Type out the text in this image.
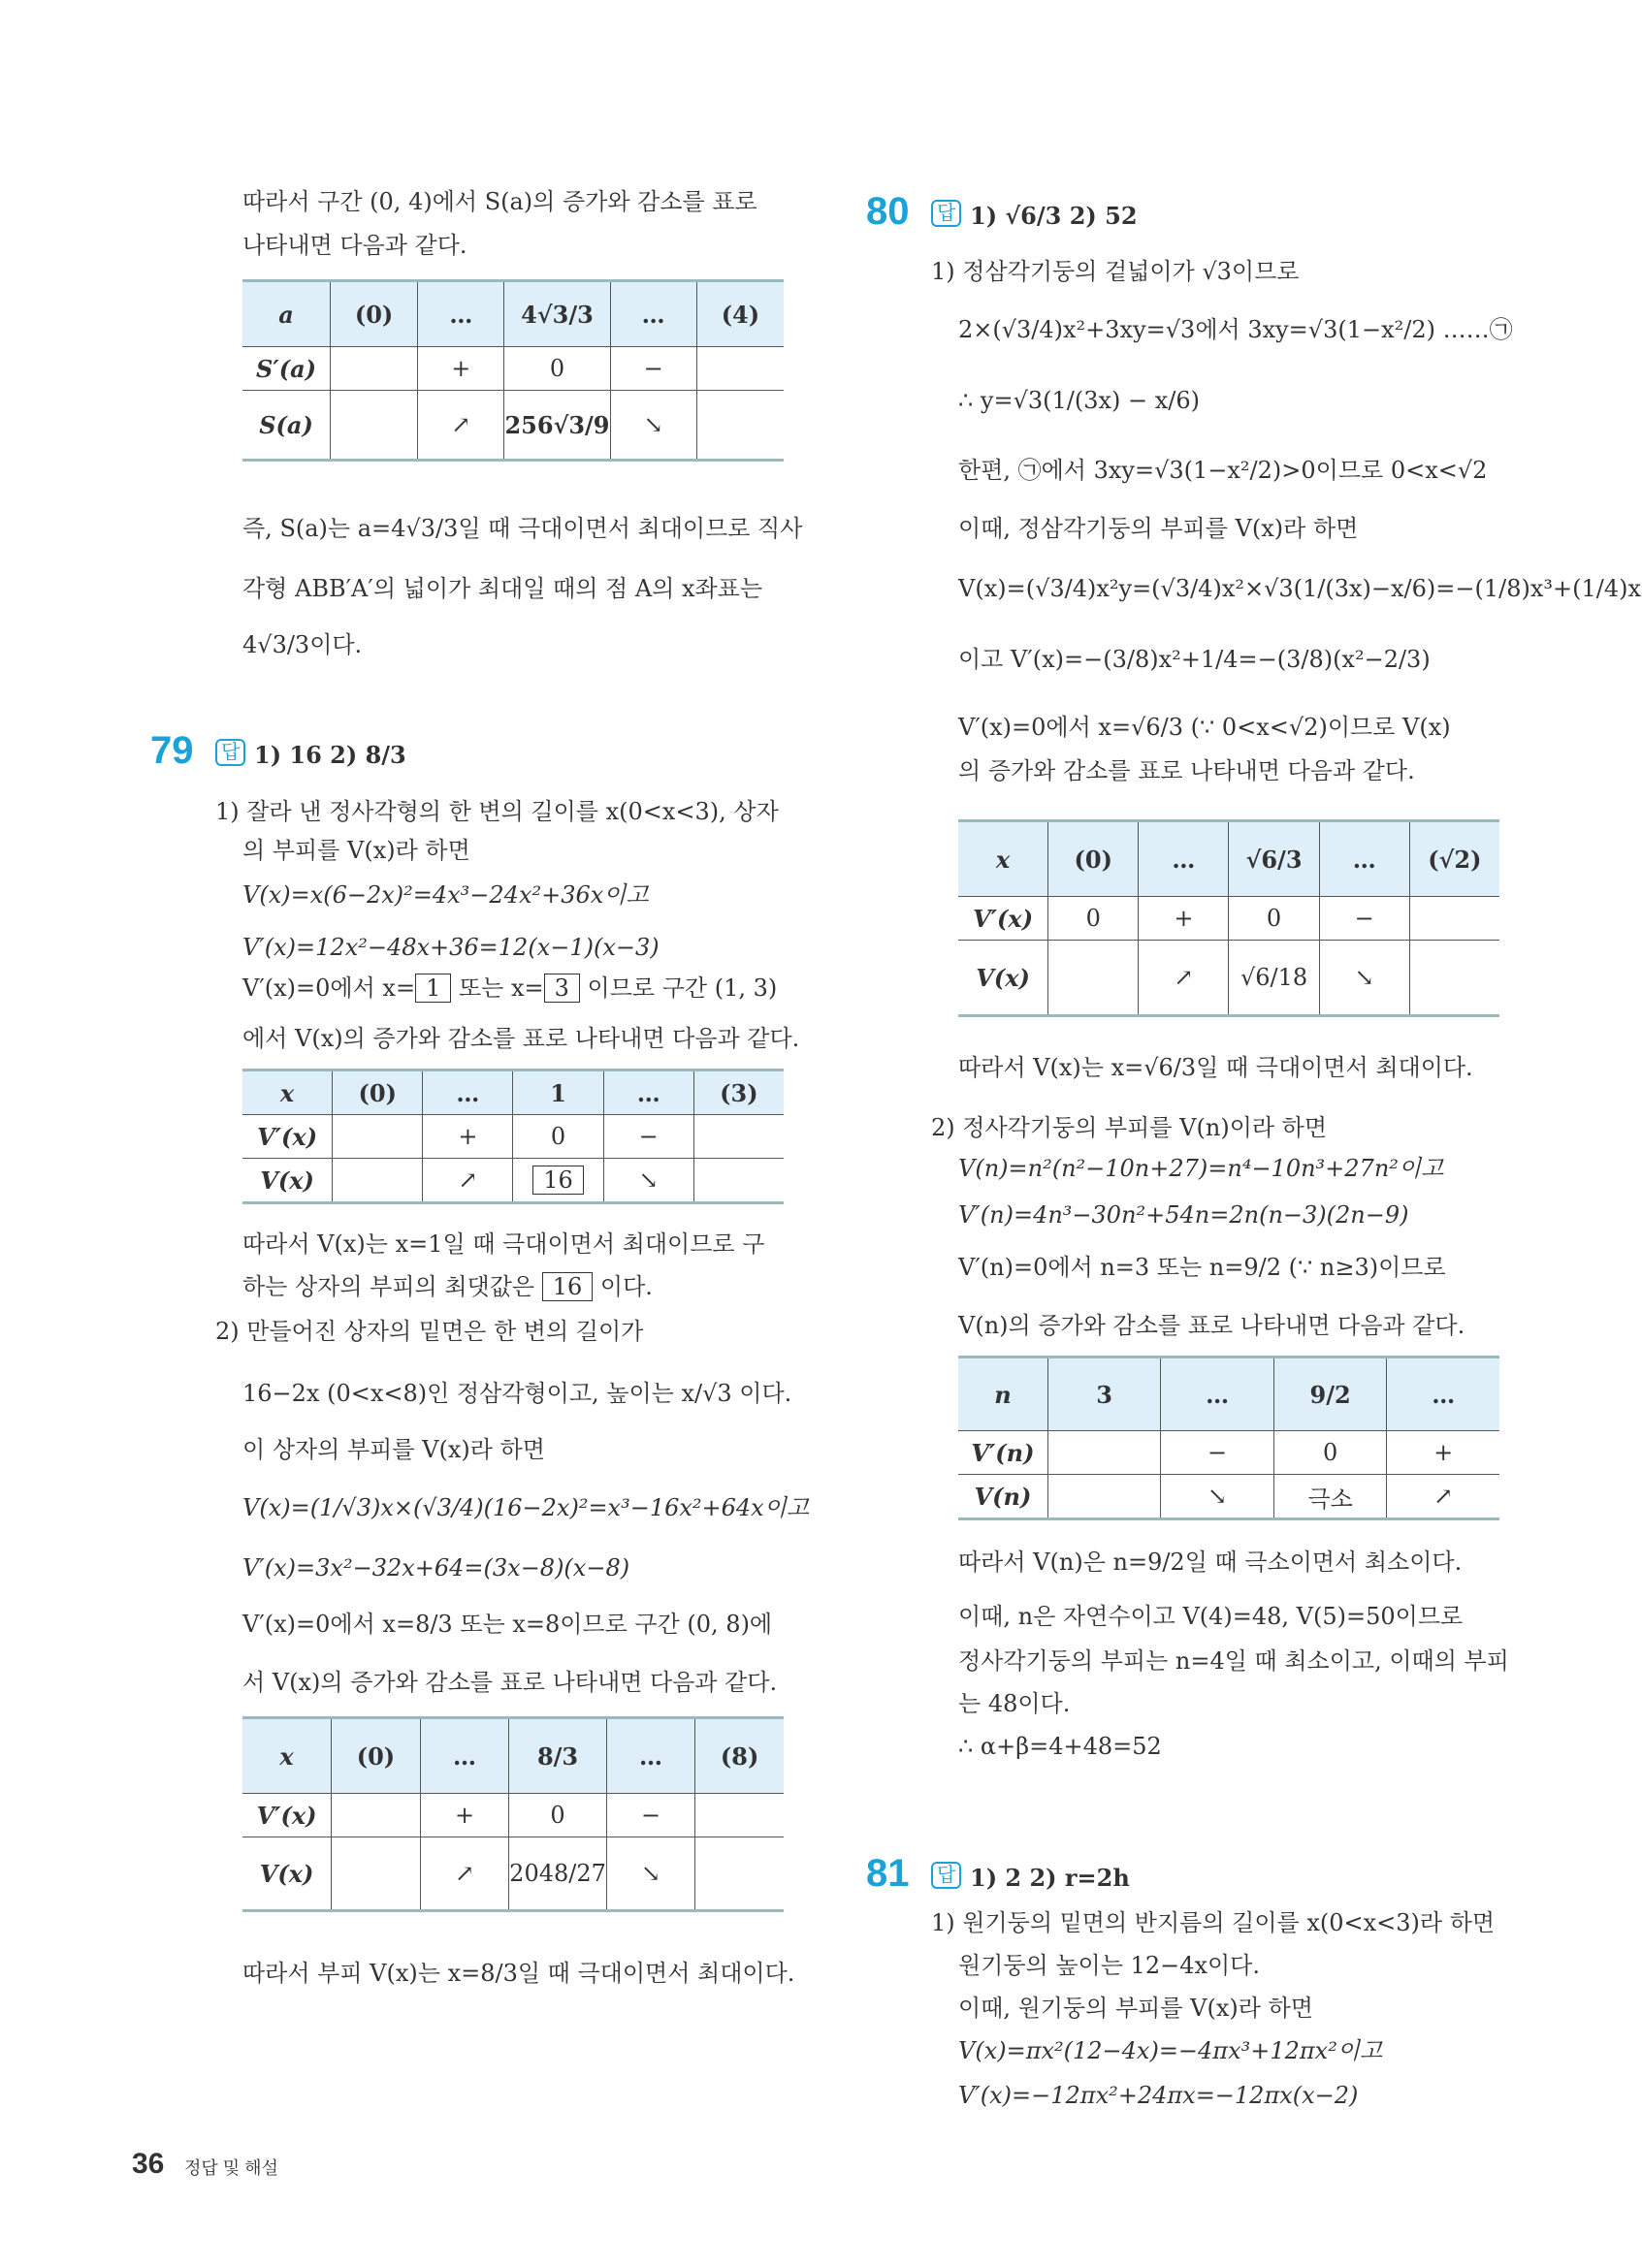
따라서 구간 (0, 4)에서 S(a)의 증가와 감소를 표로
나타내면 다음과 같다.
a	(0)	…	4√3/3	…	(4)
S′(a)		+	0	−	
S(a)		↗	256√3/9	↘	
즉, S(a)는 a=4√3/3일 때 극대이면서 최대이므로 직사
각형 ABB′A′의 넓이가 최대일 때의 점 A의 x좌표는
4√3/3이다.
79	답 1) 16 2) 8/3
1) 잘라 낸 정사각형의 한 변의 길이를 x(0<x<3), 상자
의 부피를 V(x)라 하면
V(x)=x(6−2x)²=4x³−24x²+36x이고
V′(x)=12x²−48x+36=12(x−1)(x−3)
V′(x)=0에서 x= 1 또는 x= 3 이므로 구간 (1, 3)
에서 V(x)의 증가와 감소를 표로 나타내면 다음과 같다.
x	(0)	…	1	…	(3)
V′(x)		+	0	−	
V(x)		↗	16	↘	
따라서 V(x)는 x=1일 때 극대이면서 최대이므로 구
하는 상자의 부피의 최댓값은 16 이다.
2) 만들어진 상자의 밑면은 한 변의 길이가
16−2x (0<x<8)인 정삼각형이고, 높이는 x/√3 이다.
이 상자의 부피를 V(x)라 하면
V(x)=(1/√3)x×(√3/4)(16−2x)²=x³−16x²+64x이고
V′(x)=3x²−32x+64=(3x−8)(x−8)
V′(x)=0에서 x=8/3 또는 x=8이므로 구간 (0, 8)에
서 V(x)의 증가와 감소를 표로 나타내면 다음과 같다.
x	(0)	…	8/3	…	(8)
V′(x)		+	0	−	
V(x)		↗	2048/27	↘	
따라서 부피 V(x)는 x=8/3일 때 극대이면서 최대이다.
80	답 1) √6/3 2) 52
1) 정삼각기둥의 겉넓이가 √3이므로
2×(√3/4)x²+3xy=√3에서 3xy=√3(1−x²/2) ……㉠
∴ y=√3(1/(3x) − x/6)
한편, ㉠에서 3xy=√3(1−x²/2)>0이므로 0<x<√2
이때, 정삼각기둥의 부피를 V(x)라 하면
V(x)=(√3/4)x²y=(√3/4)x²×√3(1/(3x)−x/6)=−(1/8)x³+(1/4)x
이고 V′(x)=−(3/8)x²+1/4=−(3/8)(x²−2/3)
V′(x)=0에서 x=√6/3 (∵ 0<x<√2)이므로 V(x)
의 증가와 감소를 표로 나타내면 다음과 같다.
x	(0)	…	√6/3	…	(√2)
V′(x)	0	+	0	−	
V(x)		↗	√6/18	↘	
따라서 V(x)는 x=√6/3일 때 극대이면서 최대이다.
2) 정사각기둥의 부피를 V(n)이라 하면
V(n)=n²(n²−10n+27)=n⁴−10n³+27n²이고
V′(n)=4n³−30n²+54n=2n(n−3)(2n−9)
V′(n)=0에서 n=3 또는 n=9/2 (∵ n≥3)이므로
V(n)의 증가와 감소를 표로 나타내면 다음과 같다.
n	3	…	9/2	…
V′(n)		−	0	+
V(n)		↘	극소	↗
따라서 V(n)은 n=9/2일 때 극소이면서 최소이다.
이때, n은 자연수이고 V(4)=48, V(5)=50이므로
정사각기둥의 부피는 n=4일 때 최소이고, 이때의 부피
는 48이다.
∴ α+β=4+48=52
81	답 1) 2 2) r=2h
1) 원기둥의 밑면의 반지름의 길이를 x(0<x<3)라 하면
원기둥의 높이는 12−4x이다.
이때, 원기둥의 부피를 V(x)라 하면
V(x)=πx²(12−4x)=−4πx³+12πx²이고
V′(x)=−12πx²+24πx=−12πx(x−2)
36 정답 및 해설
